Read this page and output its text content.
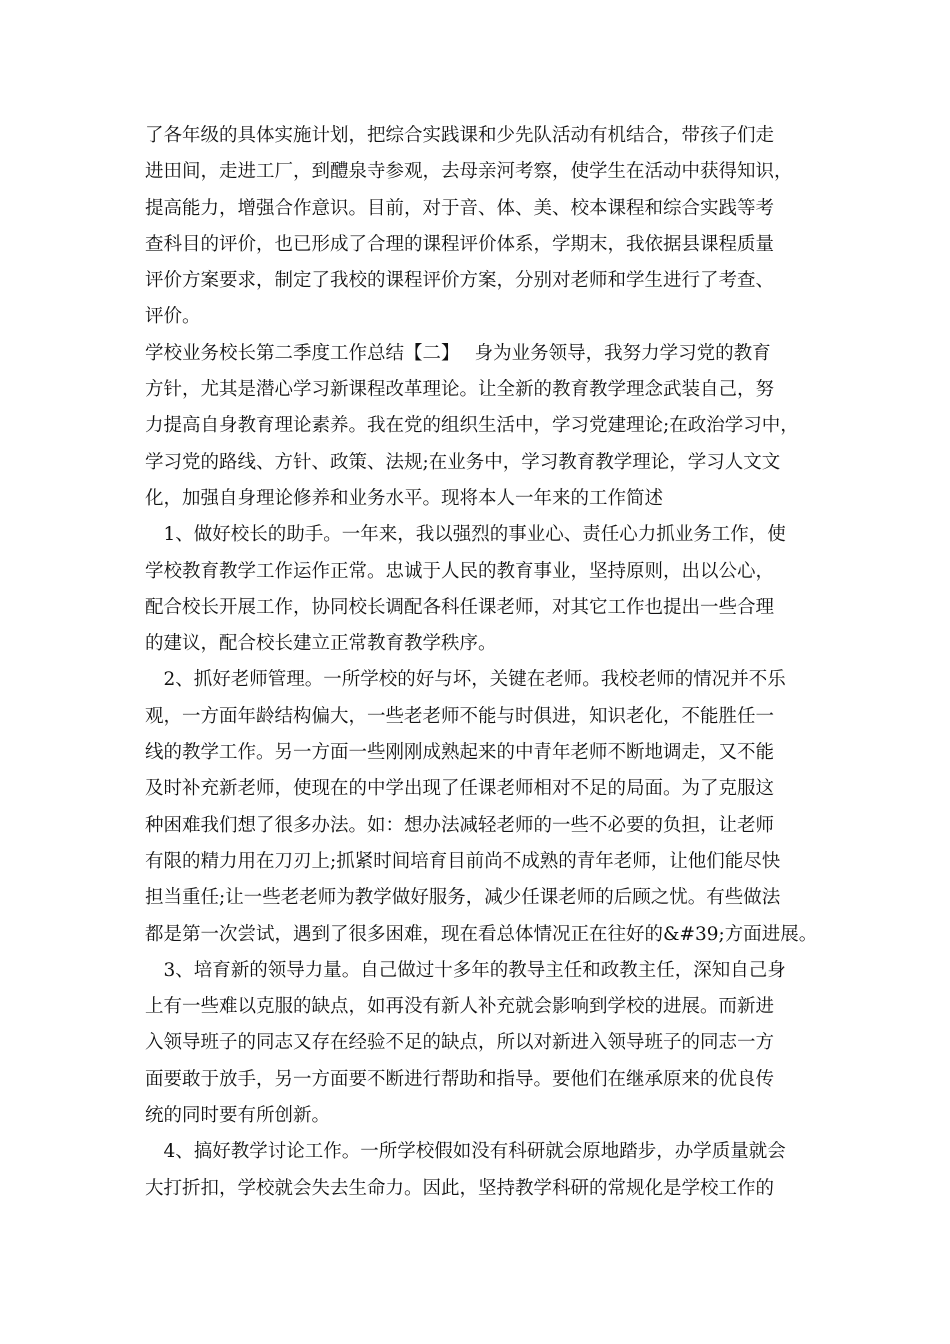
了各年级的具体实施计划，把综合实践课和少先队活动有机结合，带孩子们走
进田间，走进工厂，到醴泉寺参观，去母亲河考察，使学生在活动中获得知识，
提高能力，增强合作意识。目前，对于音、体、美、校本课程和综合实践等考
查科目的评价，也已形成了合理的课程评价体系，学期末，我依据县课程质量
评价方案要求，制定了我校的课程评价方案，分别对老师和学生进行了考查、
评价。
学校业务校长第二季度工作总结【二】　 身为业务领导，我努力学习党的教育
方针，尤其是潜心学习新课程改革理论。让全新的教育教学理念武装自己，努
力提高自身教育理论素养。我在党的组织生活中，学习党建理论;在政治学习中，
学习党的路线、方针、政策、法规;在业务中，学习教育教学理论，学习人文文
化，加强自身理论修养和业务水平。现将本人一年来的工作简述
　1、做好校长的助手。一年来，我以强烈的事业心、责任心力抓业务工作，使
学校教育教学工作运作正常。忠诚于人民的教育事业，坚持原则，出以公心，
配合校长开展工作，协同校长调配各科任课老师，对其它工作也提出一些合理
的建议，配合校长建立正常教育教学秩序。
　2、抓好老师管理。一所学校的好与坏，关键在老师。我校老师的情况并不乐
观，一方面年龄结构偏大，一些老老师不能与时俱进，知识老化，不能胜任一
线的教学工作。另一方面一些刚刚成熟起来的中青年老师不断地调走，又不能
及时补充新老师，使现在的中学出现了任课老师相对不足的局面。为了克服这
种困难我们想了很多办法。如：想办法减轻老师的一些不必要的负担，让老师
有限的精力用在刀刃上;抓紧时间培育目前尚不成熟的青年老师，让他们能尽快
担当重任;让一些老老师为教学做好服务，减少任课老师的后顾之忧。有些做法
都是第一次尝试，遇到了很多困难，现在看总体情况正在往好的&#39;方面进展。
　3、培育新的领导力量。自己做过十多年的教导主任和政教主任，深知自己身
上有一些难以克服的缺点，如再没有新人补充就会影响到学校的进展。而新进
入领导班子的同志又存在经验不足的缺点，所以对新进入领导班子的同志一方
面要敢于放手，另一方面要不断进行帮助和指导。要他们在继承原来的优良传
统的同时要有所创新。
　4、搞好教学讨论工作。一所学校假如没有科研就会原地踏步，办学质量就会
大打折扣，学校就会失去生命力。因此，坚持教学科研的常规化是学校工作的
